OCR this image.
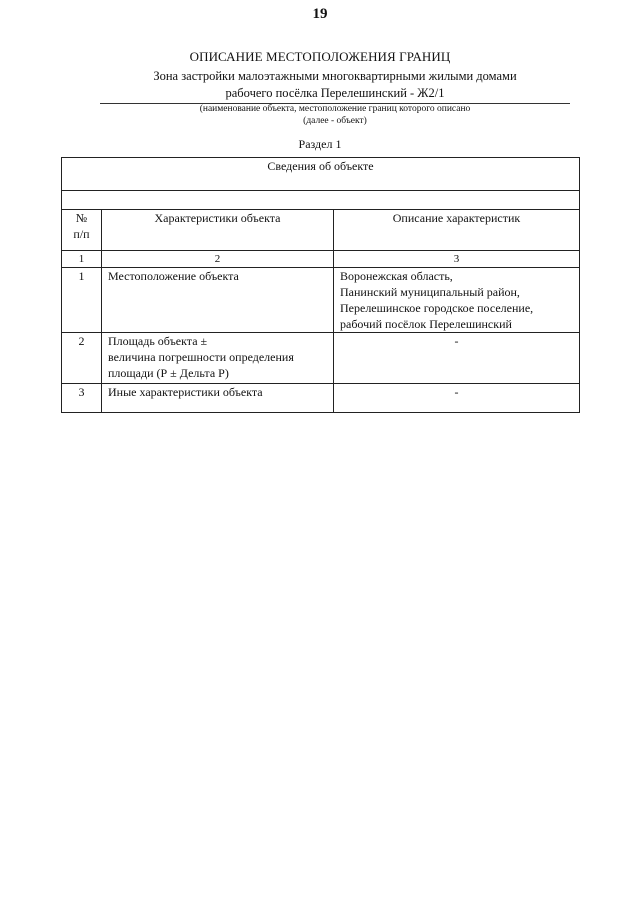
19
ОПИСАНИЕ МЕСТОПОЛОЖЕНИЯ ГРАНИЦ
Зона застройки малоэтажными многоквартирными жилыми домами
рабочего посёлка Перелешинский - Ж2/1
(наименование объекта, местоположение границ которого описано
(далее - объект)
Раздел 1
Сведения об объекте		

№
п/п	Характеристики объекта	Описание характеристик
1	2	3
1	Местоположение объекта	Воронежская область,
Панинский муниципальный район,
Перелешинское городское поселение,
рабочий посёлок Перелешинский

2	Площадь объекта ±
величина погрешности определения
площади (Р ± Дельта Р)	-

3	Иные характеристики объекта	-
